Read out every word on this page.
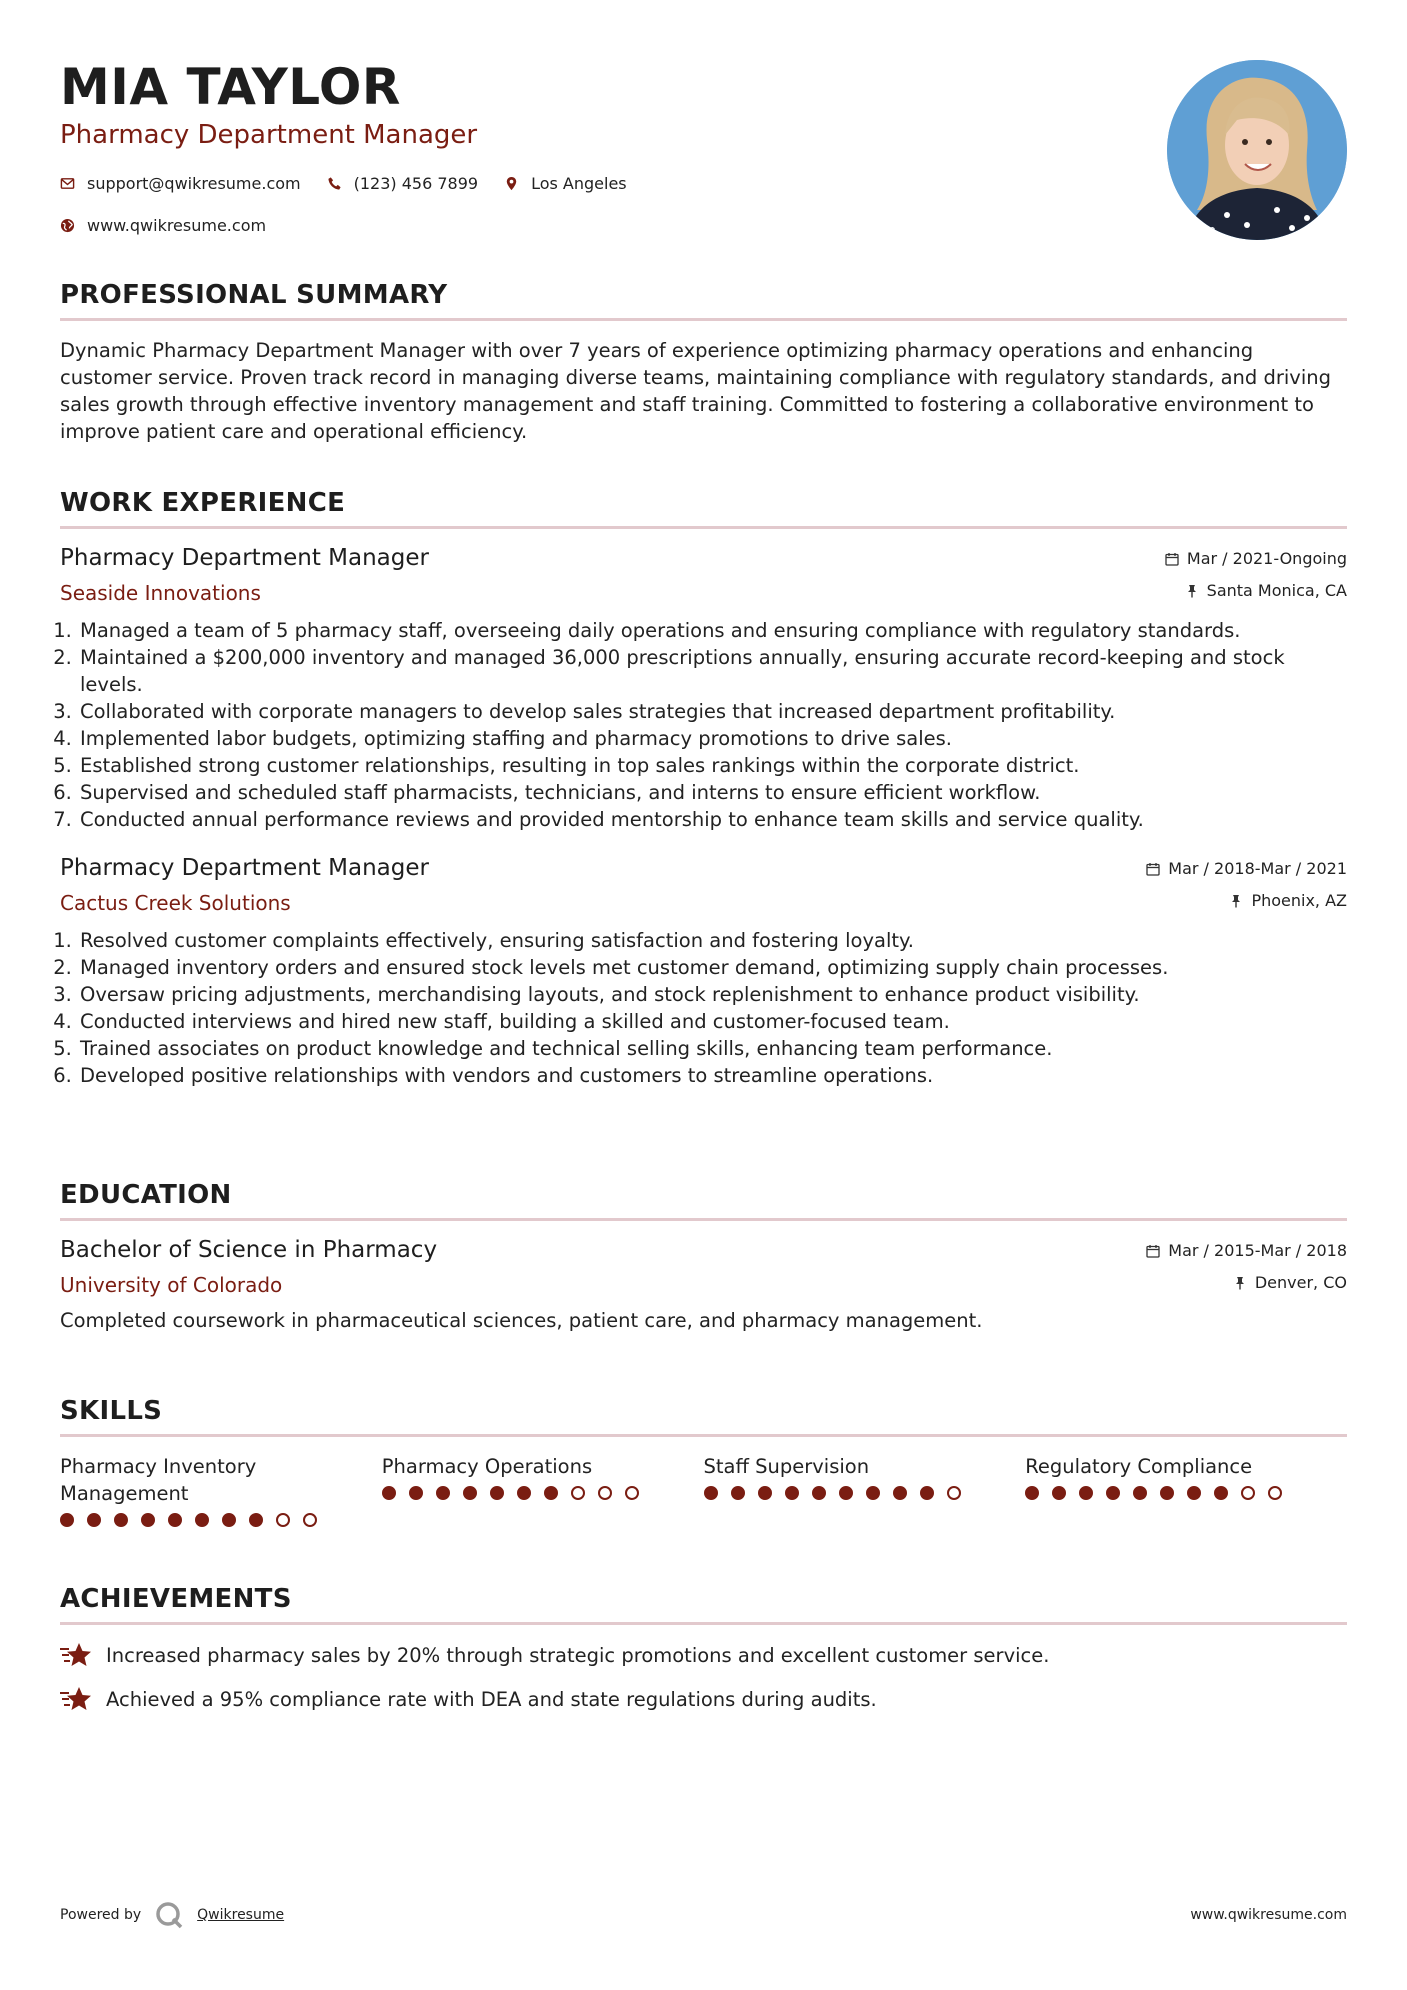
MIA TAYLOR
Pharmacy Department Manager
support@qwikresume.com	(123) 456 7899	Los Angeles
www.qwikresume.com
PROFESSIONAL SUMMARY
Dynamic Pharmacy Department Manager with over 7 years of experience optimizing pharmacy operations and enhancing customer service. Proven track record in managing diverse teams, maintaining compliance with regulatory standards, and driving sales growth through effective inventory management and staff training. Committed to fostering a collaborative environment to improve patient care and operational efficiency.
WORK EXPERIENCE
Pharmacy Department Manager
Seaside Innovations
Mar / 2021-Ongoing
Santa Monica, CA
1. Managed a team of 5 pharmacy staff, overseeing daily operations and ensuring compliance with regulatory standards.
2. Maintained a $200,000 inventory and managed 36,000 prescriptions annually, ensuring accurate record-keeping and stock levels.
3. Collaborated with corporate managers to develop sales strategies that increased department profitability.
4. Implemented labor budgets, optimizing staffing and pharmacy promotions to drive sales.
5. Established strong customer relationships, resulting in top sales rankings within the corporate district.
6. Supervised and scheduled staff pharmacists, technicians, and interns to ensure efficient workflow.
7. Conducted annual performance reviews and provided mentorship to enhance team skills and service quality.
Pharmacy Department Manager
Cactus Creek Solutions
Mar / 2018-Mar / 2021
Phoenix, AZ
1. Resolved customer complaints effectively, ensuring satisfaction and fostering loyalty.
2. Managed inventory orders and ensured stock levels met customer demand, optimizing supply chain processes.
3. Oversaw pricing adjustments, merchandising layouts, and stock replenishment to enhance product visibility.
4. Conducted interviews and hired new staff, building a skilled and customer-focused team.
5. Trained associates on product knowledge and technical selling skills, enhancing team performance.
6. Developed positive relationships with vendors and customers to streamline operations.
EDUCATION
Bachelor of Science in Pharmacy
University of Colorado
Mar / 2015-Mar / 2018
Denver, CO
Completed coursework in pharmaceutical sciences, patient care, and pharmacy management.
SKILLS
Pharmacy Inventory Management
Pharmacy Operations	Staff Supervision	Regulatory Compliance
ACHIEVEMENTS
Increased pharmacy sales by 20% through strategic promotions and excellent customer service.
Achieved a 95% compliance rate with DEA and state regulations during audits.
Powered by	Qwikresume	www.qwikresume.com
